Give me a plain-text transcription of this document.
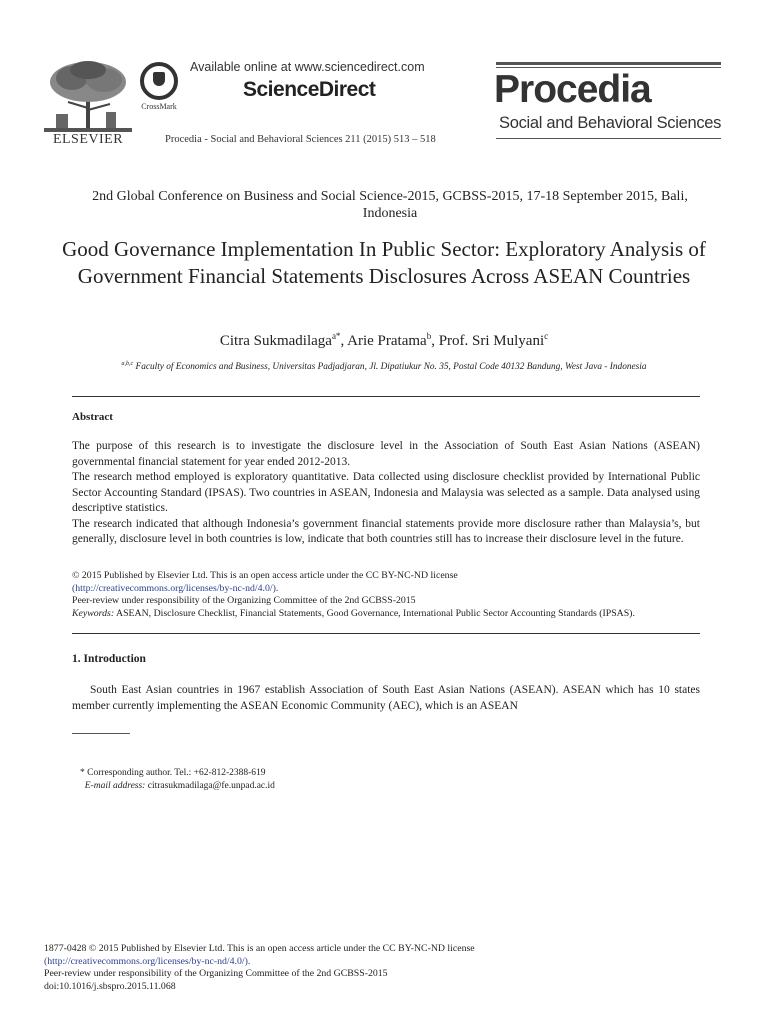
ELSEVIER
CrossMark
Available online at www.sciencedirect.com
ScienceDirect
Procedia - Social and Behavioral Sciences 211 (2015) 513 – 518
Procedia
Social and Behavioral Sciences
2nd Global Conference on Business and Social Science-2015, GCBSS-2015, 17-18 September 2015, Bali, Indonesia
Good Governance Implementation In Public Sector: Exploratory Analysis of Government Financial Statements Disclosures Across ASEAN Countries
Citra Sukmadilaga$^{a*}$, Arie Pratama$^b$, Prof. Sri Mulyani$^c$
$^{a,b,c}$ Faculty of Economics and Business, Universitas Padjadjaran, Jl. Dipatiukur No. 35, Postal Code 40132 Bandung, West Java - Indonesia
Abstract

The purpose of this research is to investigate the disclosure level in the Association of South East Asian Nations (ASEAN) governmental financial statement for year ended 2012-2013.

The research method employed is exploratory quantitative. Data collected using disclosure checklist provided by International Public Sector Accounting Standard (IPSAS). Two countries in ASEAN, Indonesia and Malaysia was selected as a sample. Data analysed using descriptive statistics.

The research indicated that although Indonesia’s government financial statements provide more disclosure rather than Malaysia’s, but generally, disclosure level in both countries is low, indicate that both countries still has to increase their disclosure level in the future.

© 2015 Published by Elsevier Ltd. This is an open access article under the CC BY-NC-ND license

(http://creativecommons.org/licenses/by-nc-nd/4.0/).

Peer-review under responsibility of the Organizing Committee of the 2nd GCBSS-2015

Keywords: ASEAN, Disclosure Checklist, Financial Statements, Good Governance, International Public Sector Accounting Standards (IPSAS).

1. Introduction
South East Asian countries in 1967 establish Association of South East Asian Nations (ASEAN). ASEAN which has 10 states member currently implementing the ASEAN Economic Community (AEC), which is an ASEAN
* Corresponding author. Tel.: +62-812-2388-619
E-mail address: citrasukmadilaga@fe.unpad.ac.id

1877-0428 © 2015 Published by Elsevier Ltd. This is an open access article under the CC BY-NC-ND license

(http://creativecommons.org/licenses/by-nc-nd/4.0/).

Peer-review under responsibility of the Organizing Committee of the 2nd GCBSS-2015

doi:10.1016/j.sbspro.2015.11.068
